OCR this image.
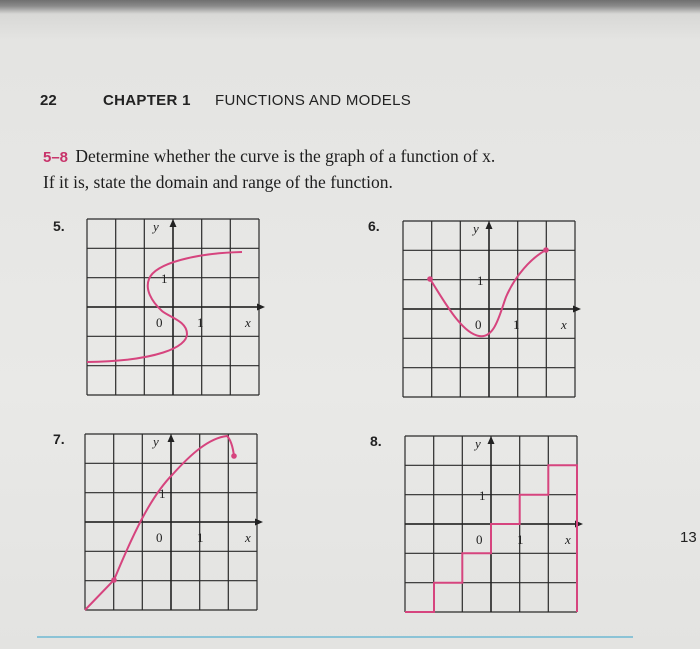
22	CHAPTER 1 FUNCTIONS AND MODELS
5–8 Determine whether the curve is the graph of a function of x.
If it is, state the domain and range of the function.
5.	6.
7.	8.
y
1
0	1	x
y
1
0 1	x
y
1
0	1	x
y
1
0	1	x	13
